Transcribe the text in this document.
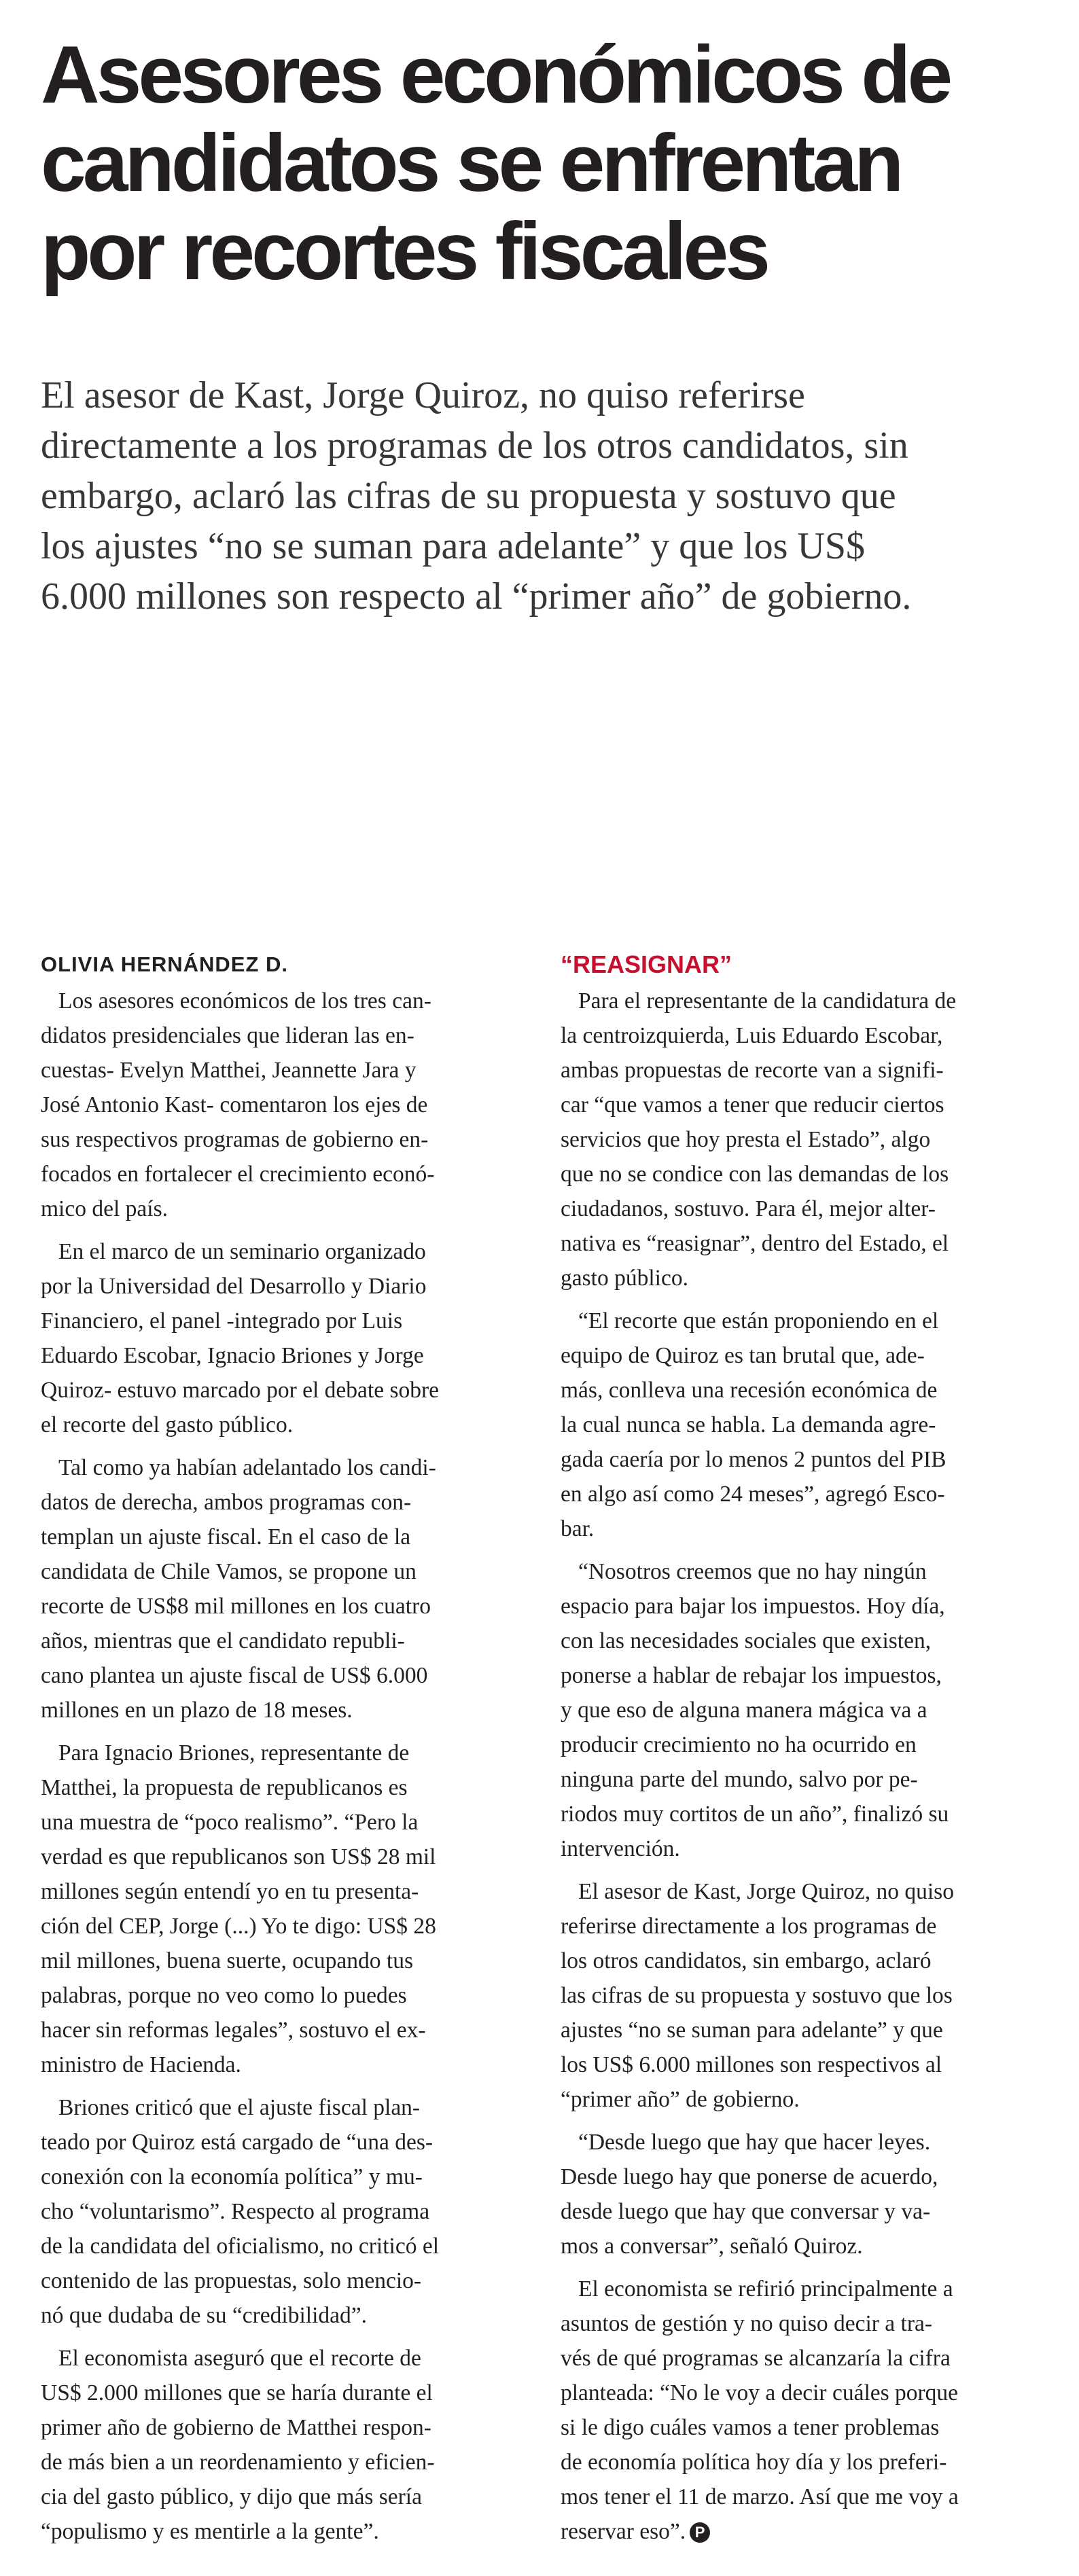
Asesores económicos de
candidatos se enfrentan
por recortes fiscales

El asesor de Kast, Jorge Quiroz, no quiso referirse
directamente a los programas de los otros candidatos, sin
embargo, aclaró las cifras de su propuesta y sostuvo que
los ajustes “no se suman para adelante” y que los US$
6.000 millones son respecto al “primer año” de gobierno.

OLIVIA HERNÁNDEZ D.

Los asesores económicos de los tres can-
didatos presidenciales que lideran las en-
cuestas- Evelyn Matthei, Jeannette Jara y
José Antonio Kast- comentaron los ejes de
sus respectivos programas de gobierno en-
focados en fortalecer el crecimiento econó-
mico del país.

En el marco de un seminario organizado
por la Universidad del Desarrollo y Diario
Financiero, el panel -integrado por Luis
Eduardo Escobar, Ignacio Briones y Jorge
Quiroz- estuvo marcado por el debate sobre
el recorte del gasto público.

Tal como ya habían adelantado los candi-
datos de derecha, ambos programas con-
templan un ajuste fiscal. En el caso de la
candidata de Chile Vamos, se propone un
recorte de US$8 mil millones en los cuatro
años, mientras que el candidato republi-
cano plantea un ajuste fiscal de US$ 6.000
millones en un plazo de 18 meses.

Para Ignacio Briones, representante de
Matthei, la propuesta de republicanos es
una muestra de “poco realismo”. “Pero la
verdad es que republicanos son US$ 28 mil
millones según entendí yo en tu presenta-
ción del CEP, Jorge (...) Yo te digo: US$ 28
mil millones, buena suerte, ocupando tus
palabras, porque no veo como lo puedes
hacer sin reformas legales”, sostuvo el ex-
ministro de Hacienda.

Briones criticó que el ajuste fiscal plan-
teado por Quiroz está cargado de “una des-
conexión con la economía política” y mu-
cho “voluntarismo”. Respecto al programa
de la candidata del oficialismo, no criticó el
contenido de las propuestas, solo mencio-
nó que dudaba de su “credibilidad”.

El economista aseguró que el recorte de
US$ 2.000 millones que se haría durante el
primer año de gobierno de Matthei respon-
de más bien a un reordenamiento y eficien-
cia del gasto público, y dijo que más sería
“populismo y es mentirle a la gente”.

“REASIGNAR”

Para el representante de la candidatura de
la centroizquierda, Luis Eduardo Escobar,
ambas propuestas de recorte van a signifi-
car “que vamos a tener que reducir ciertos
servicios que hoy presta el Estado”, algo
que no se condice con las demandas de los
ciudadanos, sostuvo. Para él, mejor alter-
nativa es “reasignar”, dentro del Estado, el
gasto público.

“El recorte que están proponiendo en el
equipo de Quiroz es tan brutal que, ade-
más, conlleva una recesión económica de
la cual nunca se habla. La demanda agre-
gada caería por lo menos 2 puntos del PIB
en algo así como 24 meses”, agregó Esco-
bar.

“Nosotros creemos que no hay ningún
espacio para bajar los impuestos. Hoy día,
con las necesidades sociales que existen,
ponerse a hablar de rebajar los impuestos,
y que eso de alguna manera mágica va a
producir crecimiento no ha ocurrido en
ninguna parte del mundo, salvo por pe-
riodos muy cortitos de un año”, finalizó su
intervención.

El asesor de Kast, Jorge Quiroz, no quiso
referirse directamente a los programas de
los otros candidatos, sin embargo, aclaró
las cifras de su propuesta y sostuvo que los
ajustes “no se suman para adelante” y que
los US$ 6.000 millones son respectivos al
“primer año” de gobierno.

“Desde luego que hay que hacer leyes.
Desde luego hay que ponerse de acuerdo,
desde luego que hay que conversar y va-
mos a conversar”, señaló Quiroz.

El economista se refirió principalmente a
asuntos de gestión y no quiso decir a tra-
vés de qué programas se alcanzaría la cifra
planteada: “No le voy a decir cuáles porque
si le digo cuáles vamos a tener problemas
de economía política hoy día y los preferi-
mos tener el 11 de marzo. Así que me voy a
reservar eso”. P
